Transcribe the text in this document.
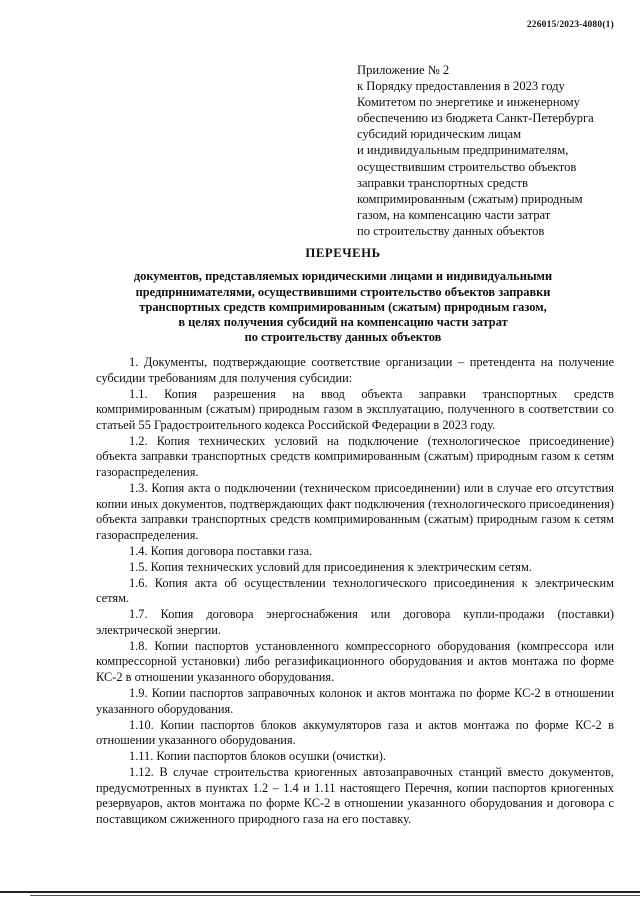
226015/2023-4080(1)
Приложение № 2
к Порядку предоставления в 2023 году
Комитетом по энергетике и инженерному
обеспечению из бюджета Санкт-Петербурга
субсидий юридическим лицам
и индивидуальным предпринимателям,
осуществившим строительство объектов
заправки транспортных средств
компримированным (сжатым) природным
газом, на компенсацию части затрат
по строительству данных объектов
ПЕРЕЧЕНЬ
документов, представляемых юридическими лицами и индивидуальными
предпринимателями, осуществившими строительство объектов заправки
транспортных средств компримированным (сжатым) природным газом,
в целях получения субсидий на компенсацию части затрат
по строительству данных объектов

1. Документы, подтверждающие соответствие организации – претендента на получение субсидии требованиям для получения субсидии:

1.1. Копия разрешения на ввод объекта заправки транспортных средств компримированным (сжатым) природным газом в эксплуатацию, полученного в соответствии со статьей 55 Градостроительного кодекса Российской Федерации в 2023 году.

1.2. Копия технических условий на подключение (технологическое присоединение) объекта заправки транспортных средств компримированным (сжатым) природным газом к сетям газораспределения.

1.3. Копия акта о подключении (техническом присоединении) или в случае его отсутствия копии иных документов, подтверждающих факт подключения (технологического присоединения) объекта заправки транспортных средств компримированным (сжатым) природным газом к сетям газораспределения.

1.4. Копия договора поставки газа.

1.5. Копия технических условий для присоединения к электрическим сетям.

1.6. Копия акта об осуществлении технологического присоединения к электрическим сетям.

1.7. Копия договора энергоснабжения или договора купли-продажи (поставки) электрической энергии.

1.8. Копии паспортов установленного компрессорного оборудования (компрессора или компрессорной установки) либо регазификационного оборудования и актов монтажа по форме КС-2 в отношении указанного оборудования.

1.9. Копии паспортов заправочных колонок и актов монтажа по форме КС-2 в отношении указанного оборудования.

1.10. Копии паспортов блоков аккумуляторов газа и актов монтажа по форме КС-2 в отношении указанного оборудования.

1.11. Копии паспортов блоков осушки (очистки).

1.12. В случае строительства криогенных автозаправочных станций вместо документов, предусмотренных в пунктах 1.2 – 1.4 и 1.11 настоящего Перечня, копии паспортов криогенных резервуаров, актов монтажа по форме КС-2 в отношении указанного оборудования и договора с поставщиком сжиженного природного газа на его поставку.
